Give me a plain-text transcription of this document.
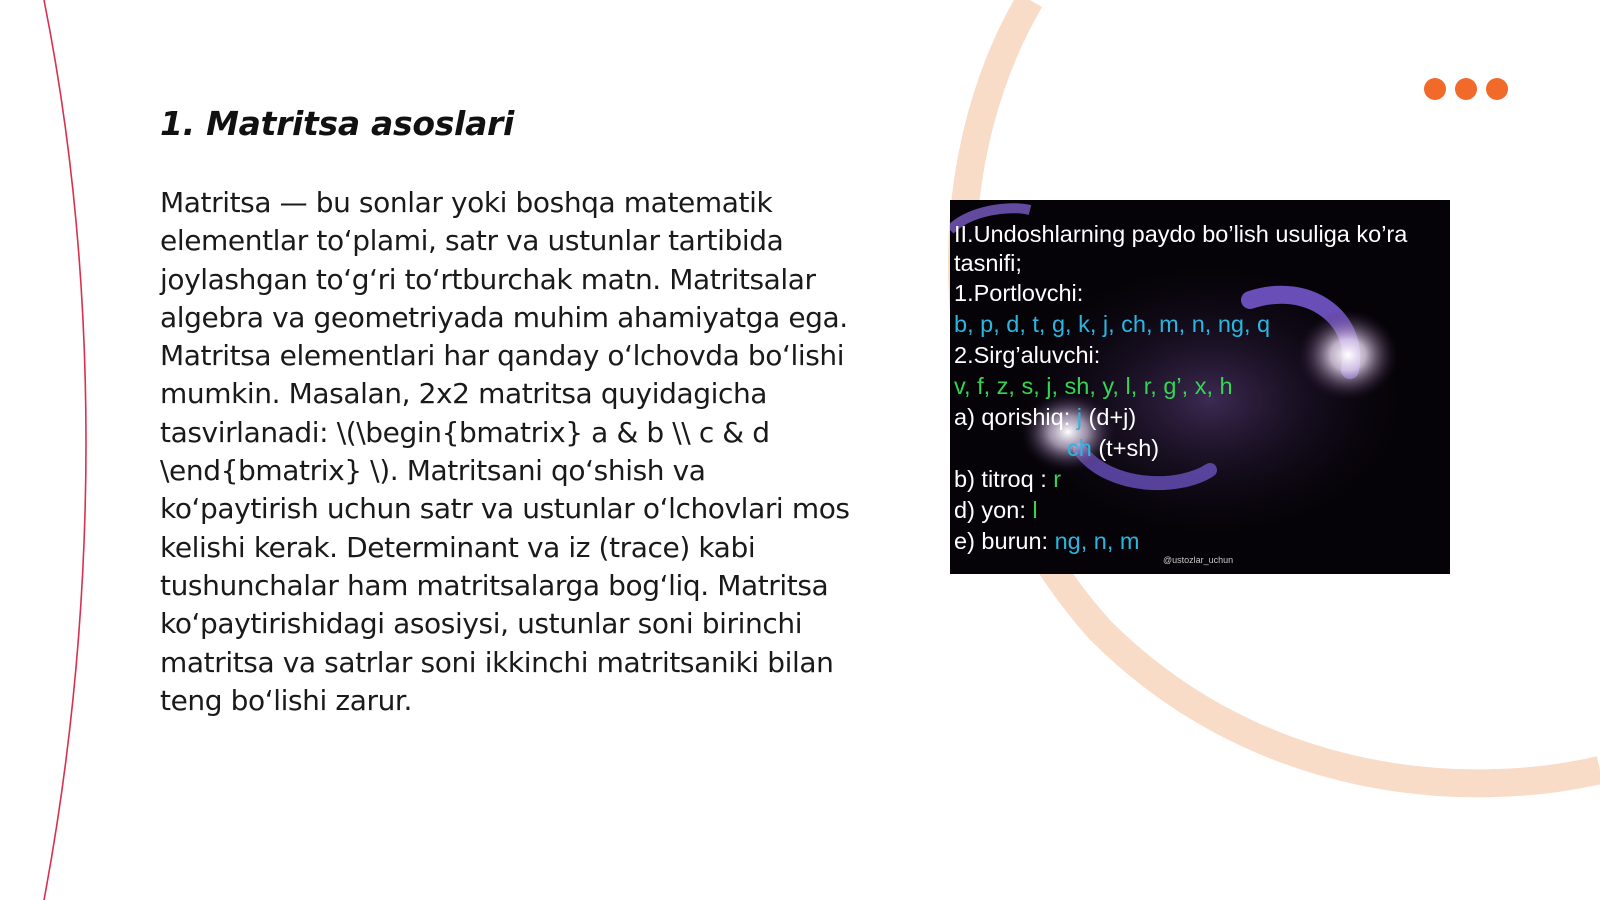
1. Matritsa asoslari

Matritsa — bu sonlar yoki boshqa matematik elementlar to‘plami, satr va ustunlar tartibida joylashgan to‘g‘ri to‘rtburchak matn. Matritsalar algebra va geometriyada muhim ahamiyatga ega. Matritsa elementlari har qanday o‘lchovda bo‘lishi mumkin. Masalan, 2x2 matritsa quyidagicha tasvirlanadi: \(\begin{bmatrix} a & b \\ c & d \end{bmatrix} \). Matritsani qo‘shish va ko‘paytirish uchun satr va ustunlar o‘lchovlari mos kelishi kerak. Determinant va iz (trace) kabi tushunchalar ham matritsalarga bog‘liq. Matritsa ko‘paytirishidagi asosiysi, ustunlar soni birinchi matritsa va satrlar soni ikkinchi matritsaniki bilan teng bo‘lishi zarur.

II.Undoshlarning paydo bo’lish usuliga ko’ra tasnifi;
1.Portlovchi:
b, p, d, t, g, k, j, ch, m, n, ng, q
2.Sirg’aluvchi:
v, f, z, s, j, sh, y, l, r, g’, x, h
a) qorishiq: j (d+j)
ch (t+sh)
b) titroq : r
d) yon: l
e) burun: ng, n, m
@ustozlar_uchun
